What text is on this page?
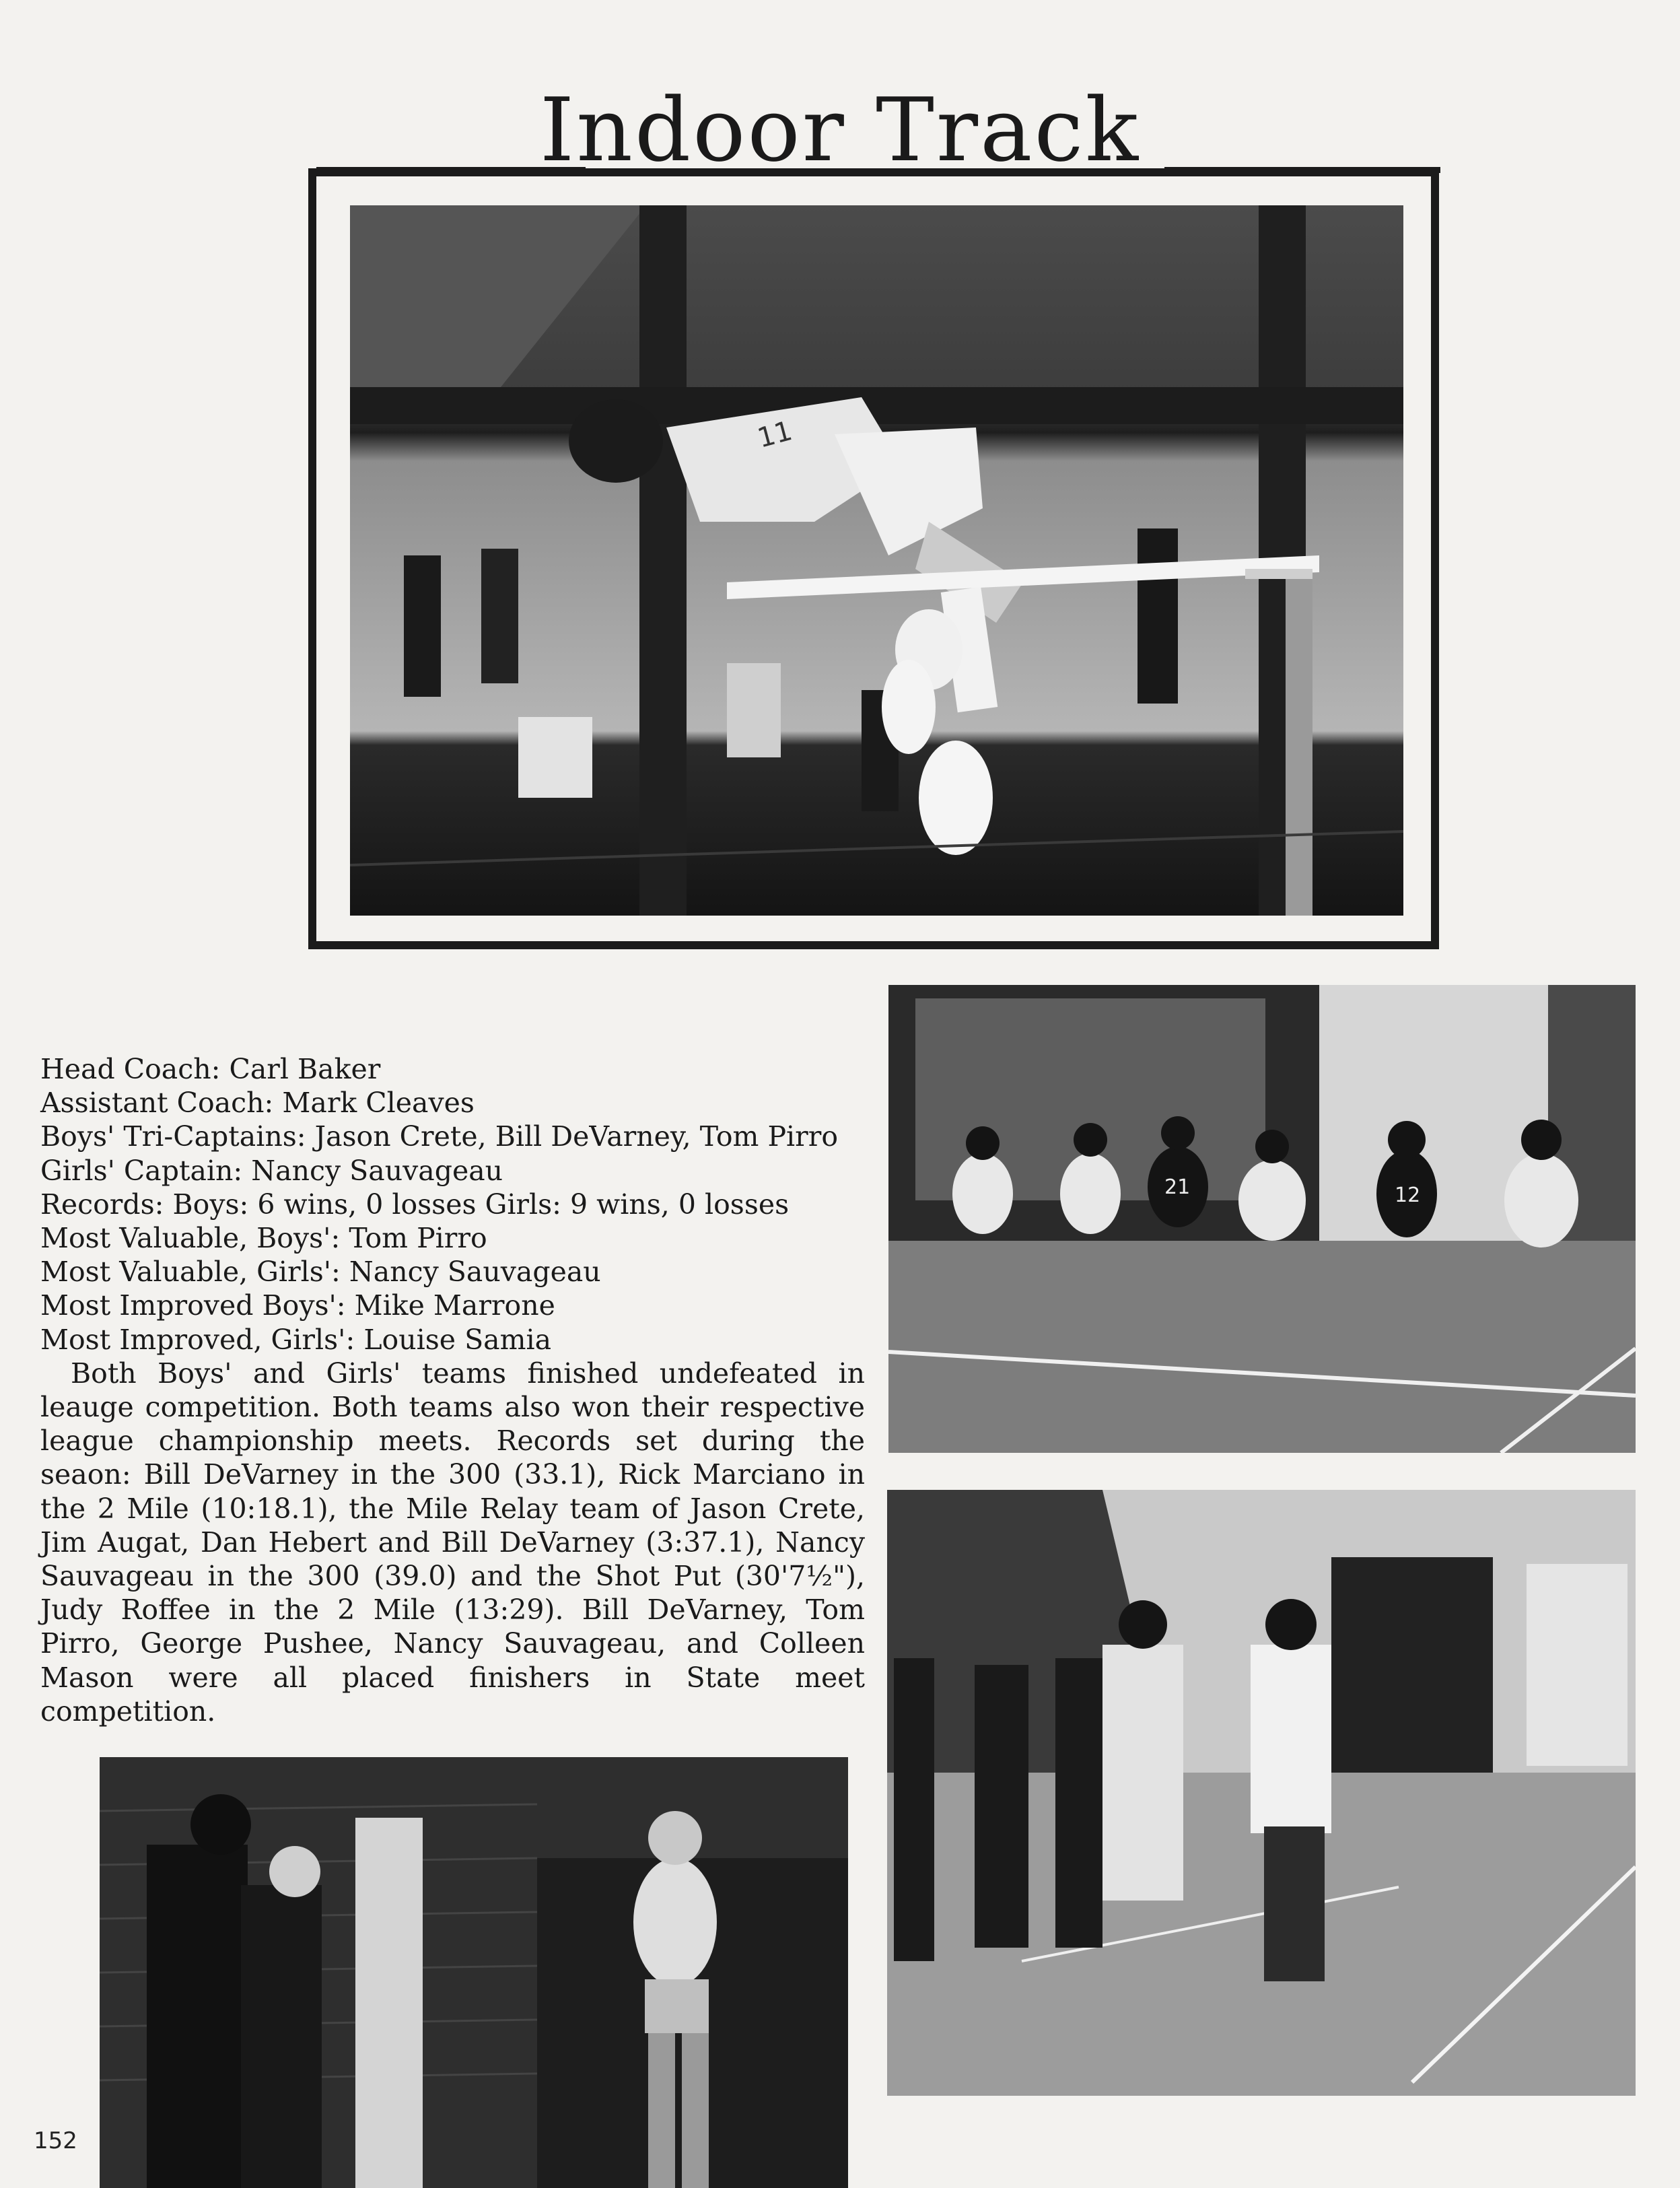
Indoor Track
11
21	12
Head Coach: Carl Baker
Assistant Coach: Mark Cleaves
Boys' Tri-Captains: Jason Crete, Bill DeVarney, Tom Pirro
Girls' Captain: Nancy Sauvageau
Records: Boys: 6 wins, 0 losses Girls: 9 wins, 0 losses
Most Valuable, Boys': Tom Pirro
Most Valuable, Girls': Nancy Sauvageau
Most Improved Boys': Mike Marrone
Most Improved, Girls': Louise Samia

Both Boys' and Girls' teams finished undefeated in leauge competition. Both teams also won their respective league championship meets. Records set during the seaon: Bill DeVarney in the 300 (33.1), Rick Marciano in the 2 Mile (10:18.1), the Mile Relay team of Jason Crete, Jim Augat, Dan Hebert and Bill DeVarney (3:37.1), Nancy Sauvageau in the 300 (39.0) and the Shot Put (30'7½"), Judy Roffee in the 2 Mile (13:29). Bill DeVarney, Tom Pirro, George Pushee, Nancy Sauvageau, and Colleen Mason were all placed finishers in State meet competition.

152
